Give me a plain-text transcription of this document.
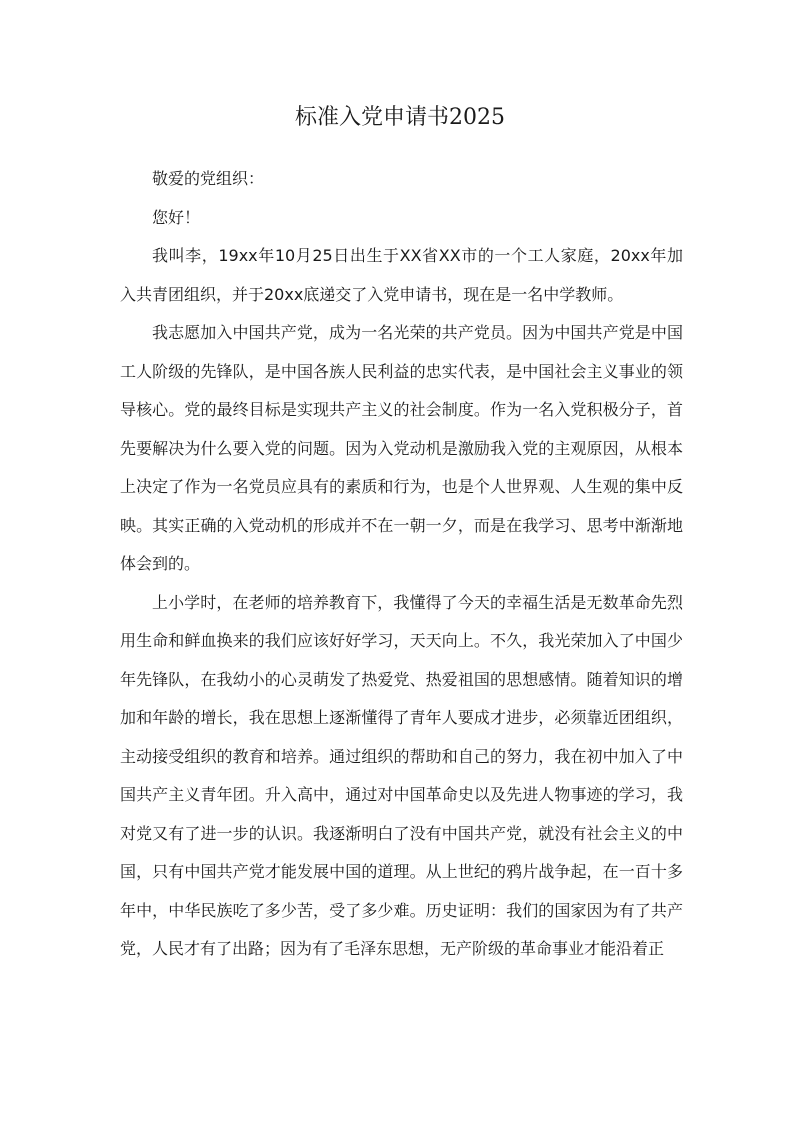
标准入党申请书2025

敬爱的党组织：

您好！

我叫李，19xx年10月25日出生于XX省XX市的一个工人家庭，20xx年加入共青团组织，并于20xx底递交了入党申请书，现在是一名中学教师。

我志愿加入中国共产党，成为一名光荣的共产党员。因为中国共产党是中国工人阶级的先锋队，是中国各族人民利益的忠实代表，是中国社会主义事业的领导核心。党的最终目标是实现共产主义的社会制度。作为一名入党积极分子，首先要解决为什么要入党的问题。因为入党动机是激励我入党的主观原因，从根本上决定了作为一名党员应具有的素质和行为，也是个人世界观、人生观的集中反映。其实正确的入党动机的形成并不在一朝一夕，而是在我学习、思考中渐渐地体会到的。

上小学时，在老师的培养教育下，我懂得了今天的幸福生活是无数革命先烈用生命和鲜血换来的我们应该好好学习，天天向上。不久，我光荣加入了中国少年先锋队，在我幼小的心灵萌发了热爱党、热爱祖国的思想感情。随着知识的增加和年龄的增长，我在思想上逐渐懂得了青年人要成才进步，必须靠近团组织，主动接受组织的教育和培养。通过组织的帮助和自己的努力，我在初中加入了中国共产主义青年团。升入高中，通过对中国革命史以及先进人物事迹的学习，我对党又有了进一步的认识。我逐渐明白了没有中国共产党，就没有社会主义的中国，只有中国共产党才能发展中国的道理。从上世纪的鸦片战争起，在一百十多年中，中华民族吃了多少苦，受了多少难。历史证明：我们的国家因为有了共产党，人民才有了出路；因为有了毛泽东思想，无产阶级的革命事业才能沿着正
